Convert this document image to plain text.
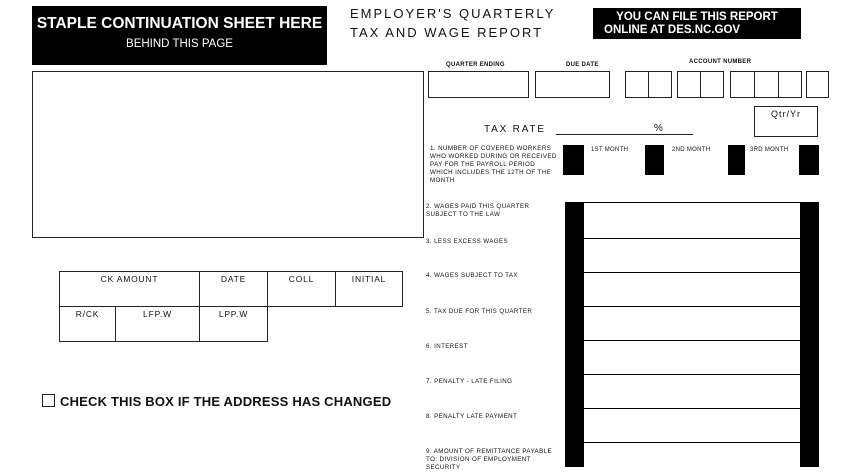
STAPLE CONTINUATION SHEET HERE
BEHIND THIS PAGE
EMPLOYER'S QUARTERLY
TAX AND WAGE REPORT
YOU CAN FILE THIS REPORT
ONLINE AT DES.NC.GOV
QUARTER ENDING	DUE DATE	ACCOUNT NUMBER
Qtr/Yr
TAX RATE	%
1. NUMBER OF COVERED WORKERS WHO WORKED DURING OR RECEIVED PAY FOR THE PAYROLL PERIOD WHICH INCLUDES THE 12TH OF THE MONTH
1ST MONTH	2ND MONTH	3RD MONTH
2. WAGES PAID THIS QUARTER SUBJECT TO THE LAW
3. LESS EXCESS WAGES
4. WAGES SUBJECT TO TAX
5. TAX DUE FOR THIS QUARTER
6. INTEREST
7. PENALTY - LATE FILING
8. PENALTY LATE PAYMENT
9. AMOUNT OF REMITTANCE PAYABLE TO: DIVISION OF EMPLOYMENT SECURITY
CK AMOUNT	DATE	COLL	INITIAL
R/CK	LFP.W	LPP.W
CHECK THIS BOX IF THE ADDRESS HAS CHANGED
